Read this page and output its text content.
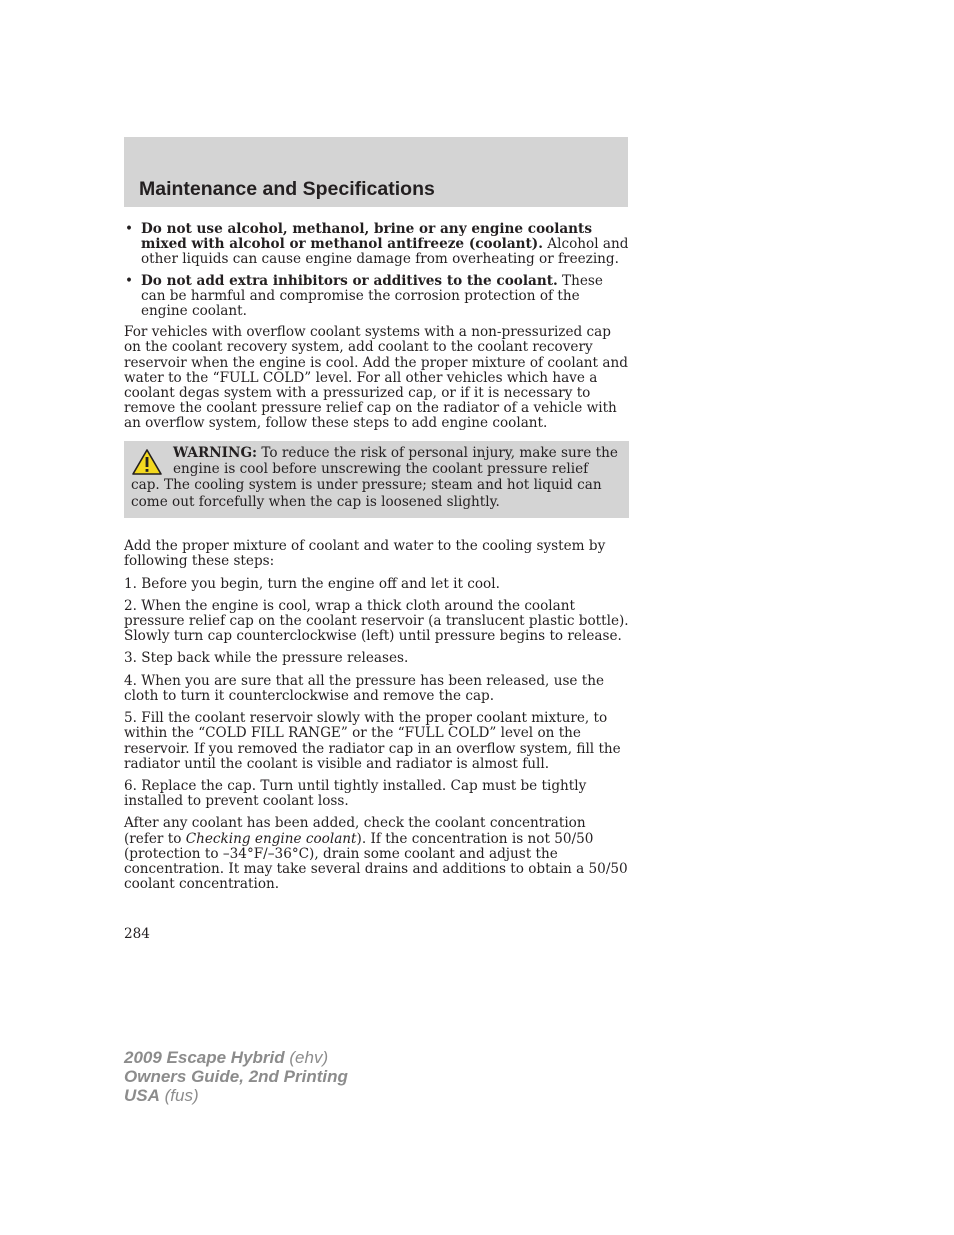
Maintenance and Specifications
• Do not use alcohol, methanol, brine or any engine coolants mixed with alcohol or methanol antifreeze (coolant). Alcohol and other liquids can cause engine damage from overheating or freezing.
• Do not add extra inhibitors or additives to the coolant. These can be harmful and compromise the corrosion protection of the engine coolant.

For vehicles with overflow coolant systems with a non-pressurized cap on the coolant recovery system, add coolant to the coolant recovery reservoir when the engine is cool. Add the proper mixture of coolant and water to the “FULL COLD” level. For all other vehicles which have a coolant degas system with a pressurized cap, or if it is necessary to remove the coolant pressure relief cap on the radiator of a vehicle with an overflow system, follow these steps to add engine coolant.

WARNING: To reduce the risk of personal injury, make sure the engine is cool before unscrewing the coolant pressure relief cap. The cooling system is under pressure; steam and hot liquid can come out forcefully when the cap is loosened slightly.

Add the proper mixture of coolant and water to the cooling system by following these steps:

1. Before you begin, turn the engine off and let it cool.

2. When the engine is cool, wrap a thick cloth around the coolant pressure relief cap on the coolant reservoir (a translucent plastic bottle). Slowly turn cap counterclockwise (left) until pressure begins to release.

3. Step back while the pressure releases.

4. When you are sure that all the pressure has been released, use the cloth to turn it counterclockwise and remove the cap.

5. Fill the coolant reservoir slowly with the proper coolant mixture, to within the “COLD FILL RANGE” or the “FULL COLD” level on the reservoir. If you removed the radiator cap in an overflow system, fill the radiator until the coolant is visible and radiator is almost full.

6. Replace the cap. Turn until tightly installed. Cap must be tightly installed to prevent coolant loss.

After any coolant has been added, check the coolant concentration (refer to Checking engine coolant). If the concentration is not 50/50 (protection to –34°F/–36°C), drain some coolant and adjust the concentration. It may take several drains and additions to obtain a 50/50 coolant concentration.

284
2009 Escape Hybrid (ehv)
Owners Guide, 2nd Printing
USA (fus)
